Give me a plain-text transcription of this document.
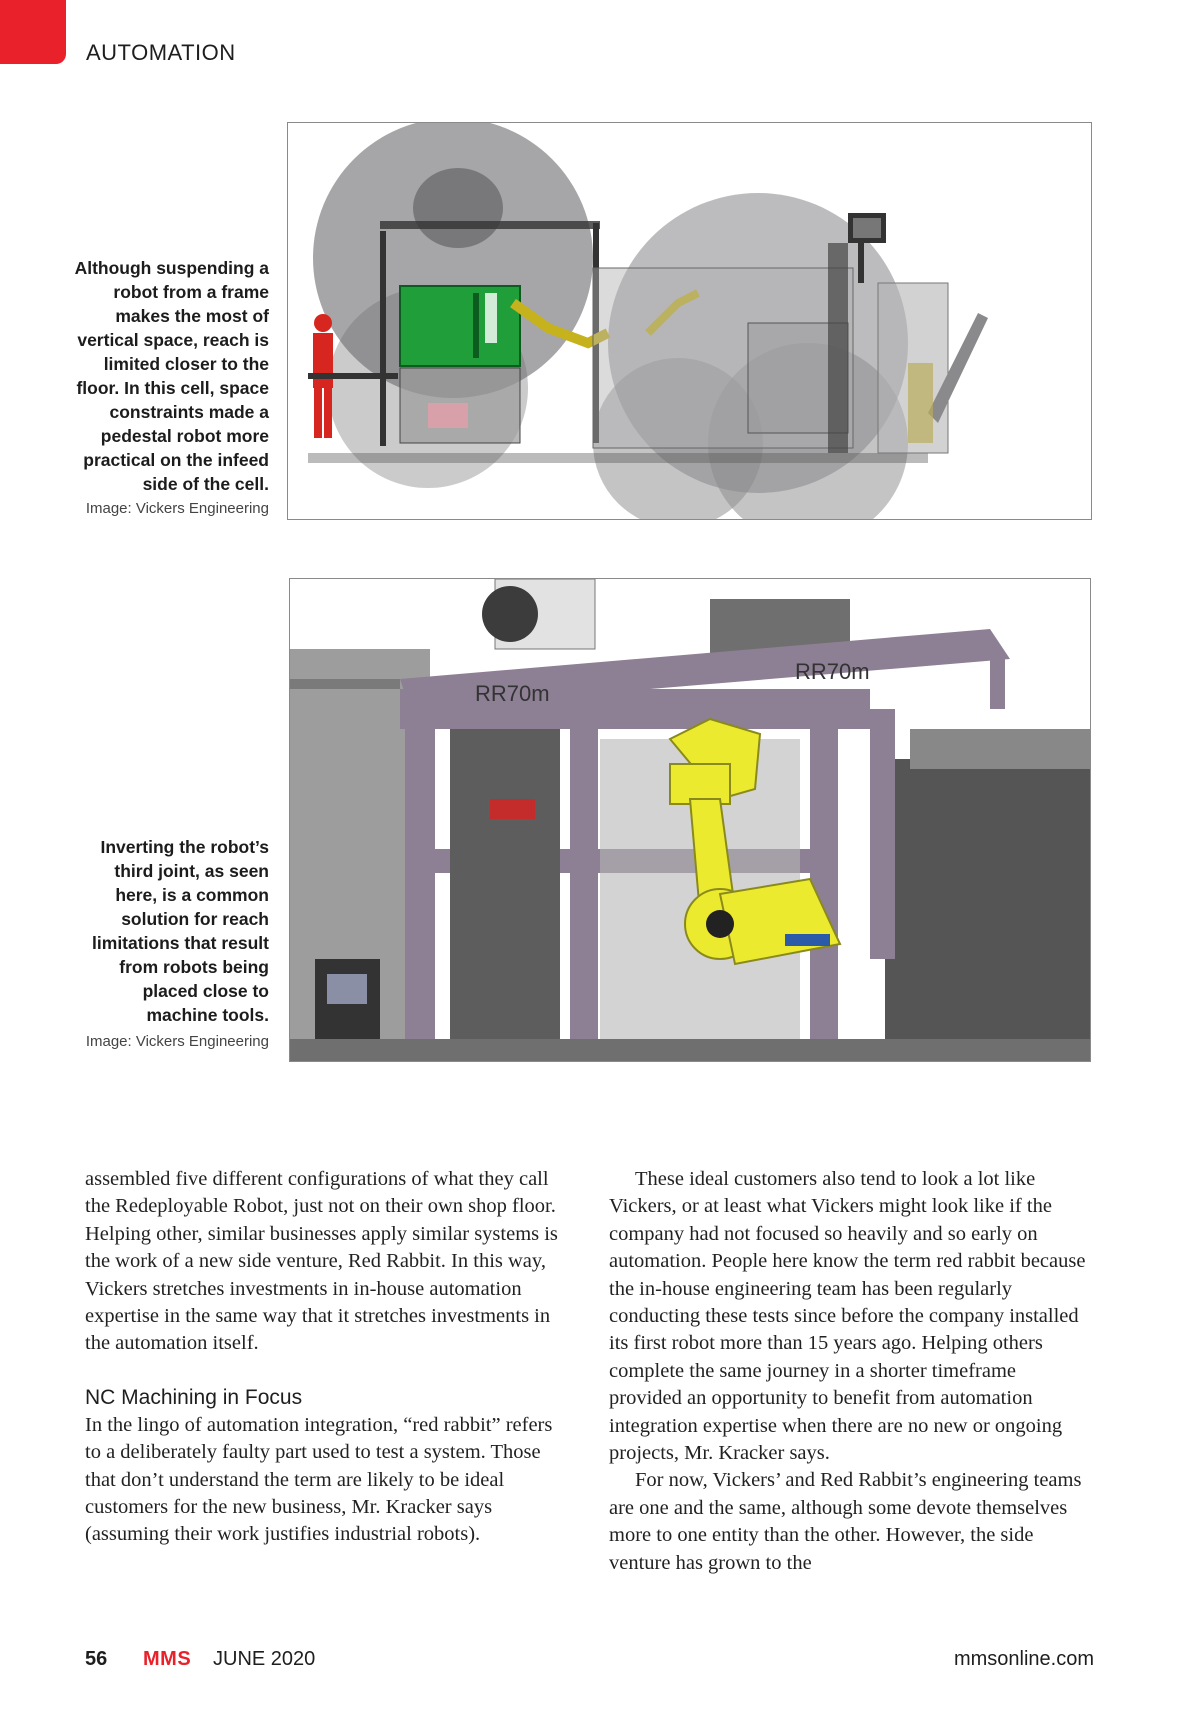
AUTOMATION
Although suspending a robot from a frame makes the most of vertical space, reach is limited closer to the floor. In this cell, space constraints made a pedestal robot more practical on the infeed side of the cell.
Image: Vickers Engineering
RR70m
RR70m
Inverting the robot’s third joint, as seen here, is a common solution for reach limitations that result from robots being placed close to machine tools.
Image: Vickers Engineering

assembled five different configurations of what they call the Redeployable Robot, just not on their own shop floor. Helping other, similar businesses apply similar systems is the work of a new side venture, Red Rabbit. In this way, Vickers stretches investments in in-house automation expertise in the same way that it stretches investments in the automation itself.

NC Machining in Focus

In the lingo of automation integration, “red rabbit” refers to a deliberately faulty part used to test a system. Those that don’t understand the term are likely to be ideal customers for the new business, Mr. Kracker says (assuming their work justifies industrial robots).

These ideal customers also tend to look a lot like Vickers, or at least what Vickers might look like if the company had not focused so heavily and so early on automation. People here know the term red rabbit because the in-house engineering team has been regularly conducting these tests since before the company installed its first robot more than 15 years ago. Helping others complete the same journey in a shorter timeframe provided an opportunity to benefit from automation integration expertise when there are no new or ongoing projects, Mr. Kracker says.

For now, Vickers’ and Red Rabbit’s engineering teams are one and the same, although some devote themselves more to one entity than the other. However, the side venture has grown to the

56 MMS JUNE 2020	mmsonline.com
